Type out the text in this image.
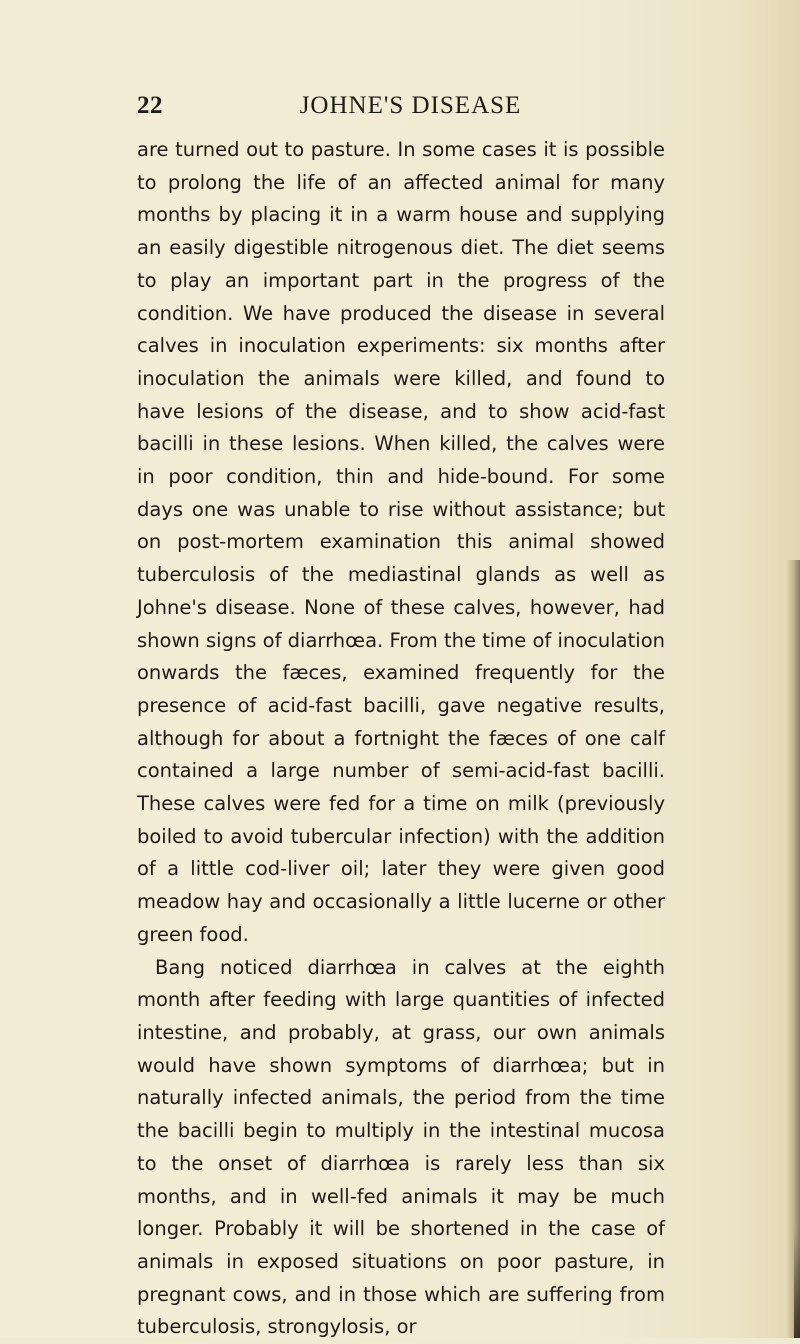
22	JOHNE'S DISEASE

are turned out to pasture. In some cases it is possible to prolong the life of an affected animal for many months by placing it in a warm house and supplying an easily digestible nitrogenous diet. The diet seems to play an important part in the progress of the condition. We have produced the disease in several calves in inoculation experiments: six months after inoculation the animals were killed, and found to have lesions of the disease, and to show acid-fast bacilli in these lesions. When killed, the calves were in poor condition, thin and hide-bound. For some days one was unable to rise without assistance; but on post-mortem examination this animal showed tuberculosis of the mediastinal glands as well as Johne's disease. None of these calves, however, had shown signs of diarrhœa. From the time of inoculation onwards the fæces, examined frequently for the presence of acid-fast bacilli, gave negative results, although for about a fortnight the fæces of one calf contained a large number of semi-acid-fast bacilli. These calves were fed for a time on milk (previously boiled to avoid tubercular infection) with the addition of a little cod-liver oil; later they were given good meadow hay and occasionally a little lucerne or other green food.

Bang noticed diarrhœa in calves at the eighth month after feeding with large quantities of infected intestine, and probably, at grass, our own animals would have shown symptoms of diarrhœa; but in naturally infected animals, the period from the time the bacilli begin to multiply in the intestinal mucosa to the onset of diarrhœa is rarely less than six months, and in well-fed animals it may be much longer. Probably it will be shortened in the case of animals in exposed situations on poor pasture, in pregnant cows, and in those which are suffering from tuberculosis, strongylosis, or
